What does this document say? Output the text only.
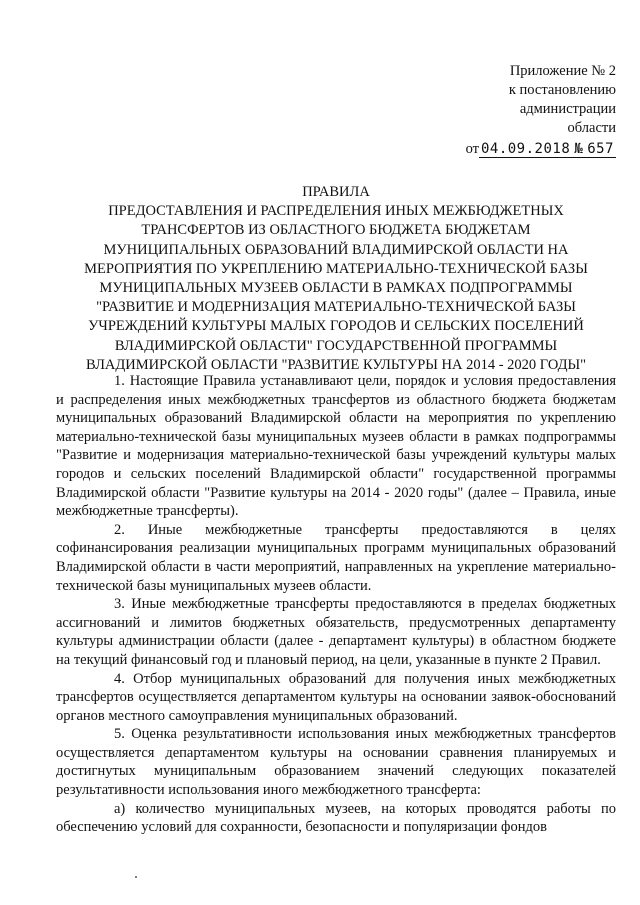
Приложение № 2
к постановлению
администрации
области
от 04.09.2018 № 657
ПРАВИЛА
ПРЕДОСТАВЛЕНИЯ И РАСПРЕДЕЛЕНИЯ ИНЫХ МЕЖБЮДЖЕТНЫХ
ТРАНСФЕРТОВ ИЗ ОБЛАСТНОГО БЮДЖЕТА БЮДЖЕТАМ
МУНИЦИПАЛЬНЫХ ОБРАЗОВАНИЙ ВЛАДИМИРСКОЙ ОБЛАСТИ НА
МЕРОПРИЯТИЯ ПО УКРЕПЛЕНИЮ МАТЕРИАЛЬНО-ТЕХНИЧЕСКОЙ БАЗЫ
МУНИЦИПАЛЬНЫХ МУЗЕЕВ ОБЛАСТИ В РАМКАХ ПОДПРОГРАММЫ
"РАЗВИТИЕ И МОДЕРНИЗАЦИЯ МАТЕРИАЛЬНО-ТЕХНИЧЕСКОЙ БАЗЫ
УЧРЕЖДЕНИЙ КУЛЬТУРЫ МАЛЫХ ГОРОДОВ И СЕЛЬСКИХ ПОСЕЛЕНИЙ
ВЛАДИМИРСКОЙ ОБЛАСТИ" ГОСУДАРСТВЕННОЙ ПРОГРАММЫ
ВЛАДИМИРСКОЙ ОБЛАСТИ "РАЗВИТИЕ КУЛЬТУРЫ НА 2014 - 2020 ГОДЫ"

1. Настоящие Правила устанавливают цели, порядок и условия предоставления и распределения иных межбюджетных трансфертов из областного бюджета бюджетам муниципальных образований Владимирской области на мероприятия по укреплению материально-технической базы муниципальных музеев области в рамках подпрограммы "Развитие и модернизация материально-технической базы учреждений культуры малых городов и сельских поселений Владимирской области" государственной программы Владимирской области "Развитие культуры на 2014 - 2020 годы" (далее – Правила, иные межбюджетные трансферты).

2. Иные межбюджетные трансферты предоставляются в целях софинансирования реализации муниципальных программ муниципальных образований Владимирской области в части мероприятий, направленных на укрепление материально-технической базы муниципальных музеев области.

3. Иные межбюджетные трансферты предоставляются в пределах бюджетных ассигнований и лимитов бюджетных обязательств, предусмотренных департаменту культуры администрации области (далее - департамент культуры) в областном бюджете на текущий финансовый год и плановый период, на цели, указанные в пункте 2 Правил.

4. Отбор муниципальных образований для получения иных межбюджетных трансфертов осуществляется департаментом культуры на основании заявок-обоснований органов местного самоуправления муниципальных образований.

5. Оценка результативности использования иных межбюджетных трансфертов осуществляется департаментом культуры на основании сравнения планируемых и достигнутых муниципальным образованием значений следующих показателей результативности использования иного межбюджетного трансферта:

а) количество муниципальных музеев, на которых проводятся работы по обеспечению условий для сохранности, безопасности и популяризации фондов
